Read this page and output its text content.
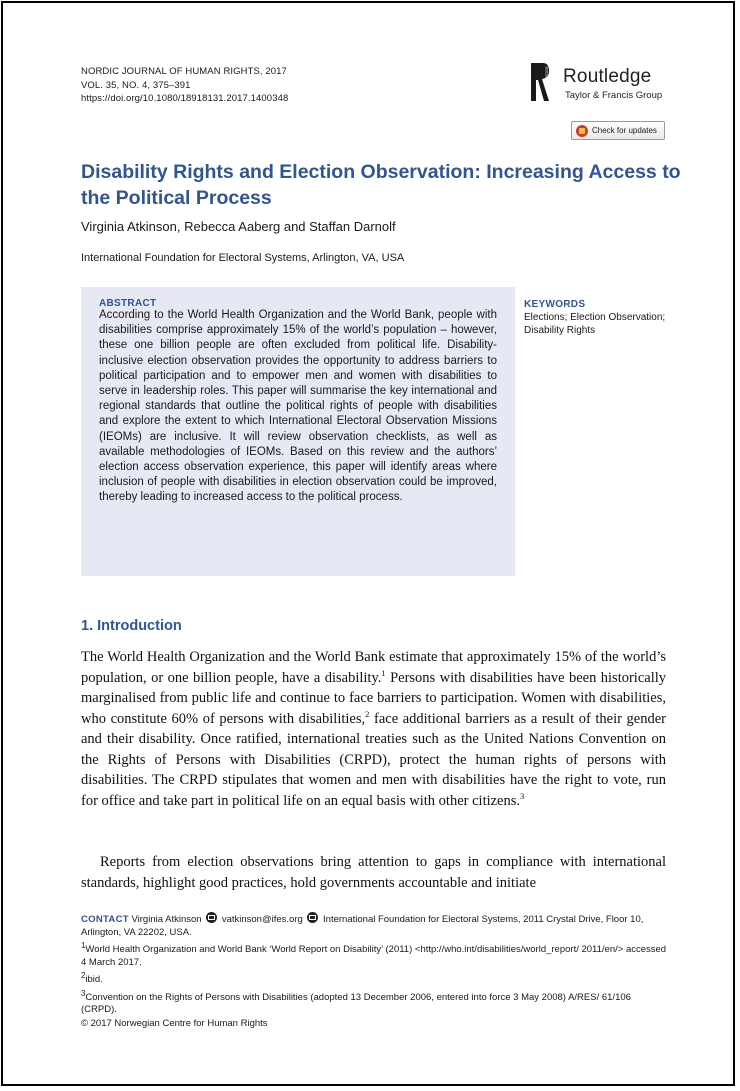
NORDIC JOURNAL OF HUMAN RIGHTS, 2017
VOL. 35, NO. 4, 375–391
https://doi.org/10.1080/18918131.2017.1400348
ROUTLEDGE Routledge
Taylor & Francis Group
Check for updates
Disability Rights and Election Observation: Increasing Access to the Political Process
Virginia Atkinson, Rebecca Aaberg and Staffan Darnolf
International Foundation for Electoral Systems, Arlington, VA, USA
ABSTRACT
According to the World Health Organization and the World Bank, people with disabilities comprise approximately 15% of the world’s population – however, these one billion people are often excluded from political life. Disability-inclusive election observation provides the opportunity to address barriers to political participation and to empower men and women with disabilities to serve in leadership roles. This paper will summarise the key international and regional standards that outline the political rights of people with disabilities and explore the extent to which International Electoral Observation Missions (IEOMs) are inclusive. It will review observation checklists, as well as available methodologies of IEOMs. Based on this review and the authors’ election access observation experience, this paper will identify areas where inclusion of people with disabilities in election observation could be improved, thereby leading to increased access to the political process.
KEYWORDS
Elections; Election Observation; Disability Rights
1. Introduction
The World Health Organization and the World Bank estimate that approximately 15% of the world’s population, or one billion people, have a disability.$^1$ Persons with disabilities have been historically marginalised from public life and continue to face barriers to participation. Women with disabilities, who constitute 60% of persons with disabilities,$^2$ face additional barriers as a result of their gender and their disability. Once ratified, international treaties such as the United Nations Convention on the Rights of Persons with Disabilities (CRPD), protect the human rights of persons with disabilities. The CRPD stipulates that women and men with disabilities have the right to vote, run for office and take part in political life on an equal basis with other citizens.$^3$
Reports from election observations bring attention to gaps in compliance with international standards, highlight good practices, hold governments accountable and initiate
CONTACT Virginia Atkinson vatkinson@ifes.org International Foundation for Electoral Systems, 2011 Crystal Drive, Floor 10, Arlington, VA 22202, USA.
$^1$World Health Organization and World Bank ‘World Report on Disability’ (2011) <http://who.int/disabilities/world_report/ 2011/en/> accessed 4 March 2017.
$^2$ibid.
$^3$Convention on the Rights of Persons with Disabilities (adopted 13 December 2006, entered into force 3 May 2008) A/RES/ 61/106 (CRPD).
© 2017 Norwegian Centre for Human Rights
